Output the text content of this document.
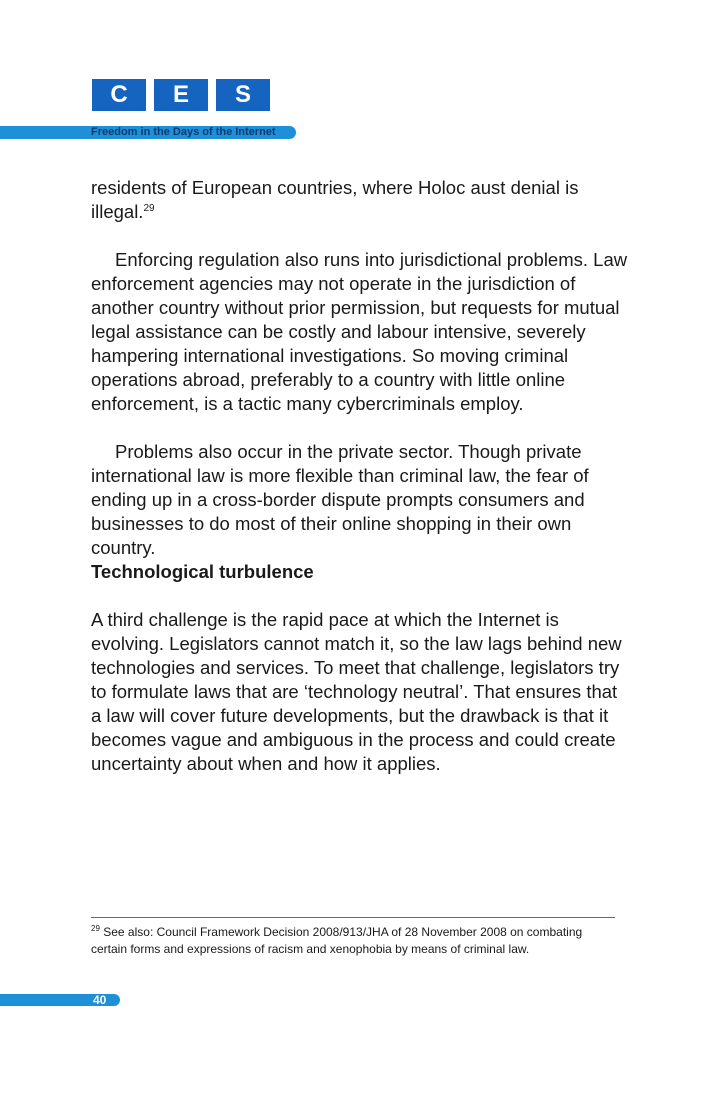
C	E	S
Freedom in the Days of the Internet

residents of European countries, where Holoc aust denial is illegal.$^{29}$

Enforcing regulation also runs into jurisdictional problems. Law enforcement agencies may not operate in the jurisdiction of another country without prior permission, but requests for mutual legal assistance can be costly and labour intensive, severely hampering international investigations. So moving criminal operations abroad, preferably to a country with little online enforcement, is a tactic many cybercriminals employ.

Problems also occur in the private sector. Though private international law is more flexible than criminal law, the fear of ending up in a cross-border dispute prompts consumers and businesses to do most of their online shopping in their own country.

Technological turbulence

A third challenge is the rapid pace at which the Internet is evolving. Legislators cannot match it, so the law lags behind new technologies and services. To meet that challenge, legislators try to formulate laws that are ‘technology neutral’. That ensures that a law will cover future developments, but the drawback is that it becomes vague and ambiguous in the process and could create uncertainty about when and how it applies.

$^{29}$ See also: Council Framework Decision 2008/913/JHA of 28 November 2008 on combating certain forms and expressions of racism and xenophobia by means of criminal law.
40
